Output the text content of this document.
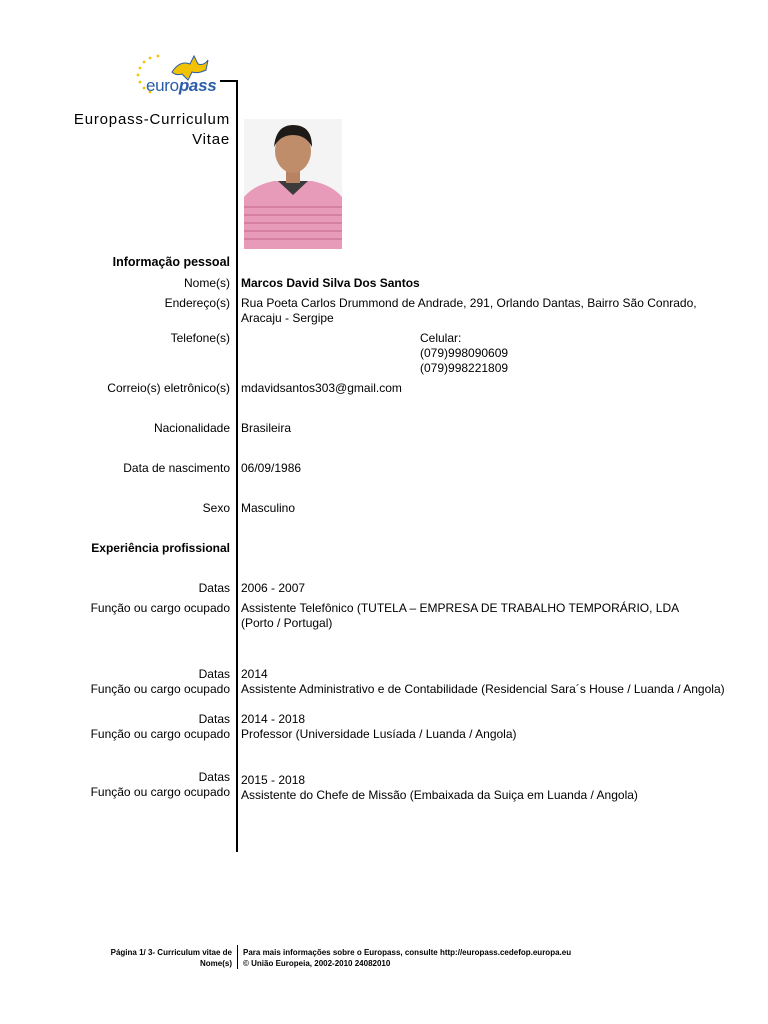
europass
Europass-Curriculum
Vitae
Informação pessoal
Nome(s) Marcos David Silva Dos Santos
Endereço(s) Rua Poeta Carlos Drummond de Andrade, 291, Orlando Dantas, Bairro São Conrado,
Aracaju - Sergipe
Telefone(s)	Celular:
(079)998090609
(079)998221809
Correio(s) eletrônico(s) mdavidsantos303@gmail.com
Nacionalidade Brasileira
Data de nascimento 06/09/1986
Sexo Masculino
Experiência profissional
Datas 2006 - 2007
Função ou cargo ocupado Assistente Telefônico (TUTELA – EMPRESA DE TRABALHO TEMPORÁRIO, LDA
(Porto / Portugal)
Datas 2014
Função ou cargo ocupado Assistente Administrativo e de Contabilidade (Residencial Sara´s House / Luanda / Angola)
Datas 2014 - 2018
Função ou cargo ocupado Professor (Universidade Lusíada / Luanda / Angola)
Datas 2015 - 2018
Função ou cargo ocupado Assistente do Chefe de Missão (Embaixada da Suiça em Luanda / Angola)
Página 1/ 3- Curriculum vitae de
Nome(s)
Para mais informações sobre o Europass, consulte http://europass.cedefop.europa.eu
© União Europeia, 2002-2010 24082010
